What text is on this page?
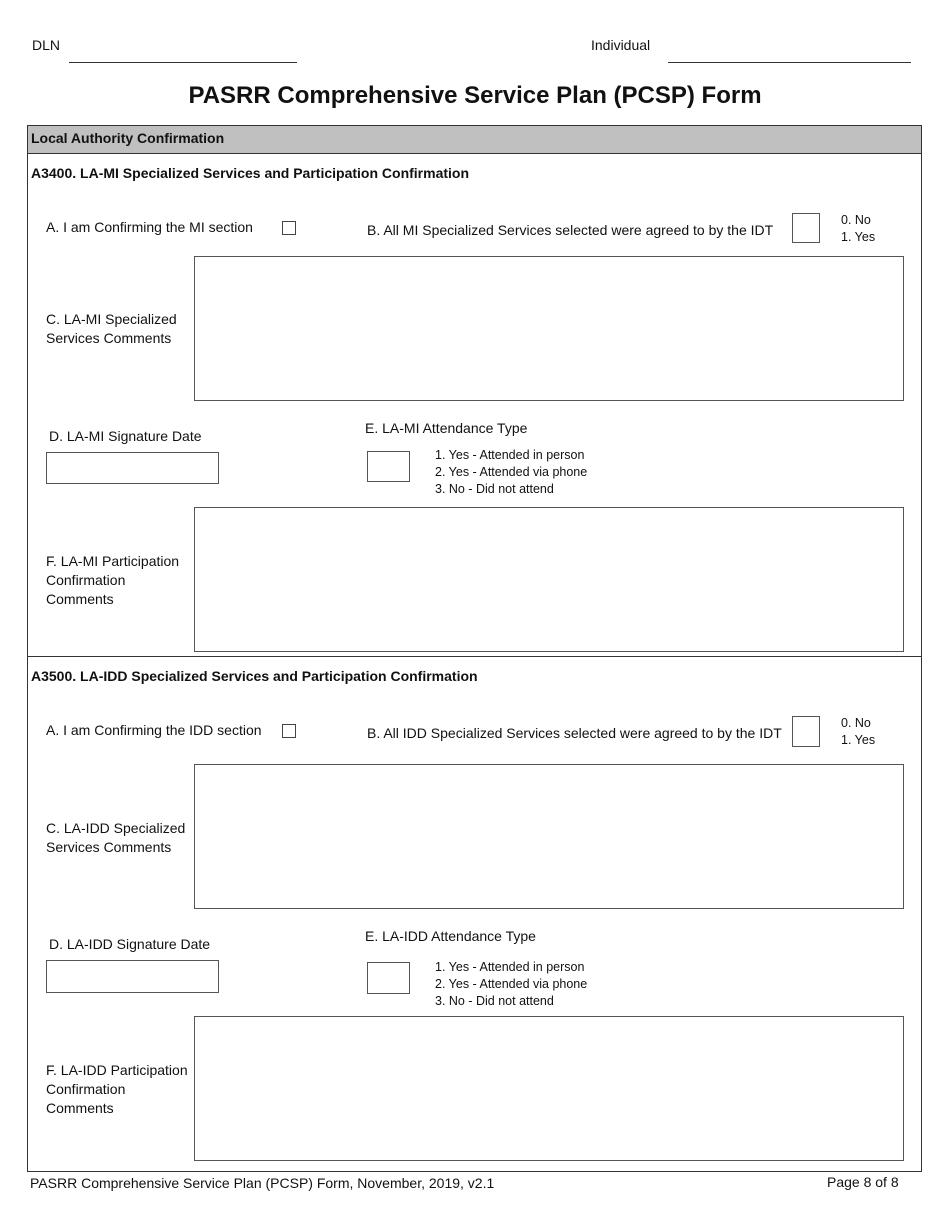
DLN	Individual
PASRR Comprehensive Service Plan (PCSP) Form
Local Authority Confirmation
A3400. LA-MI Specialized Services and Participation Confirmation
A. I am Confirming the MI section	B. All MI Specialized Services selected were agreed to by the IDT
0. No
1. Yes
C. LA-MI Specialized
Services Comments
D. LA-MI Signature Date	E. LA-MI Attendance Type
1. Yes - Attended in person
2. Yes - Attended via phone
3. No - Did not attend
F. LA-MI Participation
Confirmation
Comments
A3500. LA-IDD Specialized Services and Participation Confirmation
A. I am Confirming the IDD section	B. All IDD Specialized Services selected were agreed to by the IDT
0. No
1. Yes
C. LA-IDD Specialized
Services Comments
D. LA-IDD Signature Date	E. LA-IDD Attendance Type
1. Yes - Attended in person
2. Yes - Attended via phone
3. No - Did not attend
F. LA-IDD Participation
Confirmation
Comments
PASRR Comprehensive Service Plan (PCSP) Form, November, 2019, v2.1	Page 8 of 8
